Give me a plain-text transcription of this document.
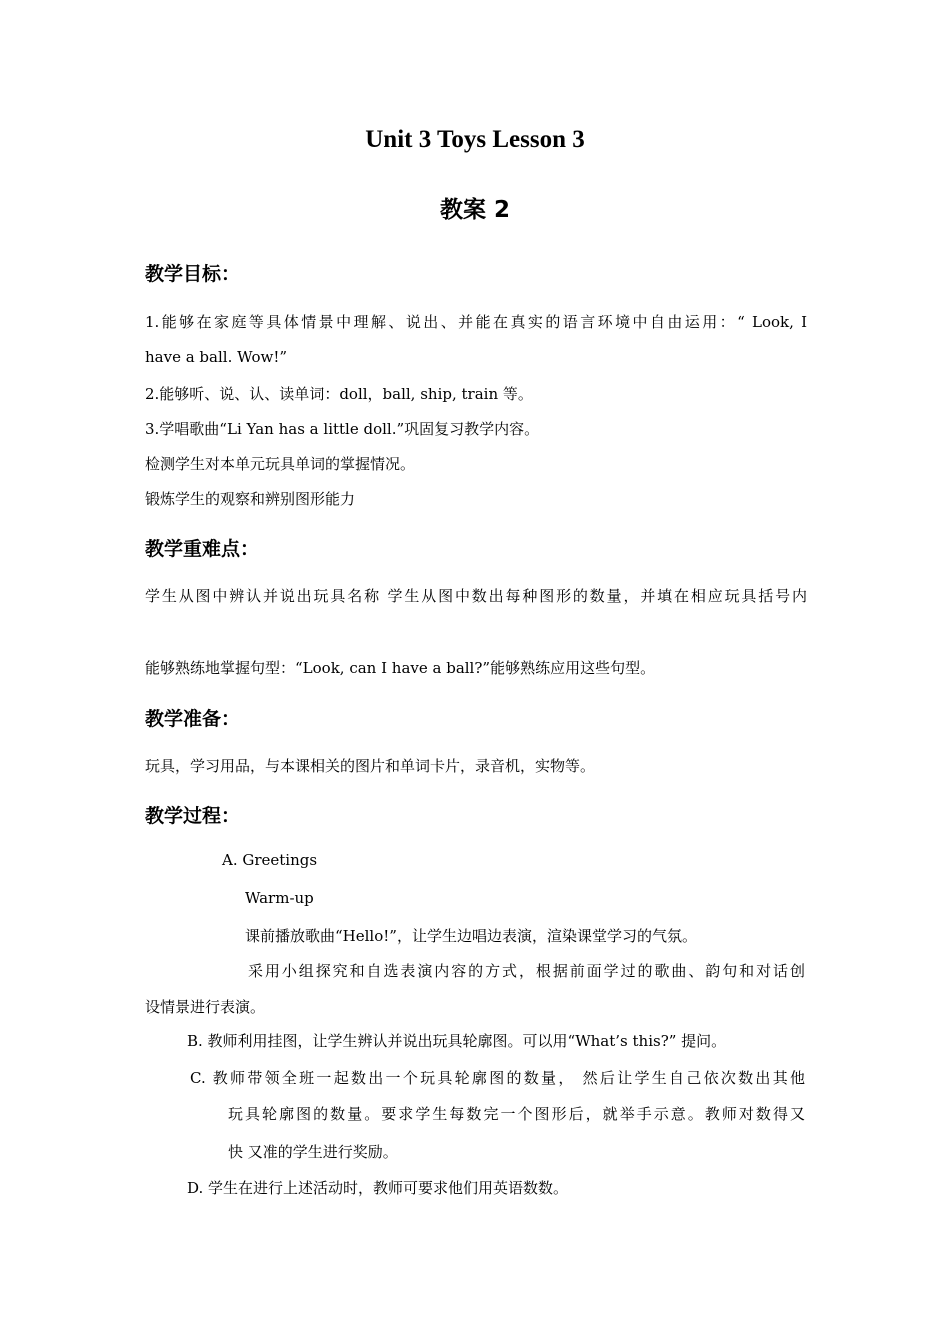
Unit 3 Toys Lesson 3
教案 2
教学目标：

1.能够在家庭等具体情景中理解、说出、并能在真实的语言环境中自由运用：“ Look, I

have a ball. Wow!”

2.能够听、说、认、读单词：doll，ball, ship, train 等。

3.学唱歌曲“Li Yan has a little doll.”巩固复习教学内容。

检测学生对本单元玩具单词的掌握情况。

锻炼学生的观察和辨别图形能力

教学重难点：

学生从图中辨认并说出玩具名称 学生从图中数出每种图形的数量，并填在相应玩具括号内

能够熟练地掌握句型：“Look, can I have a ball?”能够熟练应用这些句型。

教学准备：

玩具，学习用品，与本课相关的图片和单词卡片，录音机，实物等。

教学过程：

A. Greetings

Warm-up

课前播放歌曲“Hello!”，让学生边唱边表演，渲染课堂学习的气氛。

采用小组探究和自选表演内容的方式，根据前面学过的歌曲、韵句和对话创

设情景进行表演。

B. 教师利用挂图，让学生辨认并说出玩具轮廓图。可以用“What’s this?” 提问。

C. 教师带领全班一起数出一个玩具轮廓图的数量， 然后让学生自己依次数出其他

玩具轮廓图的数量。要求学生每数完一个图形后，就举手示意。教师对数得又

快 又准的学生进行奖励。

D. 学生在进行上述活动时，教师可要求他们用英语数数。
